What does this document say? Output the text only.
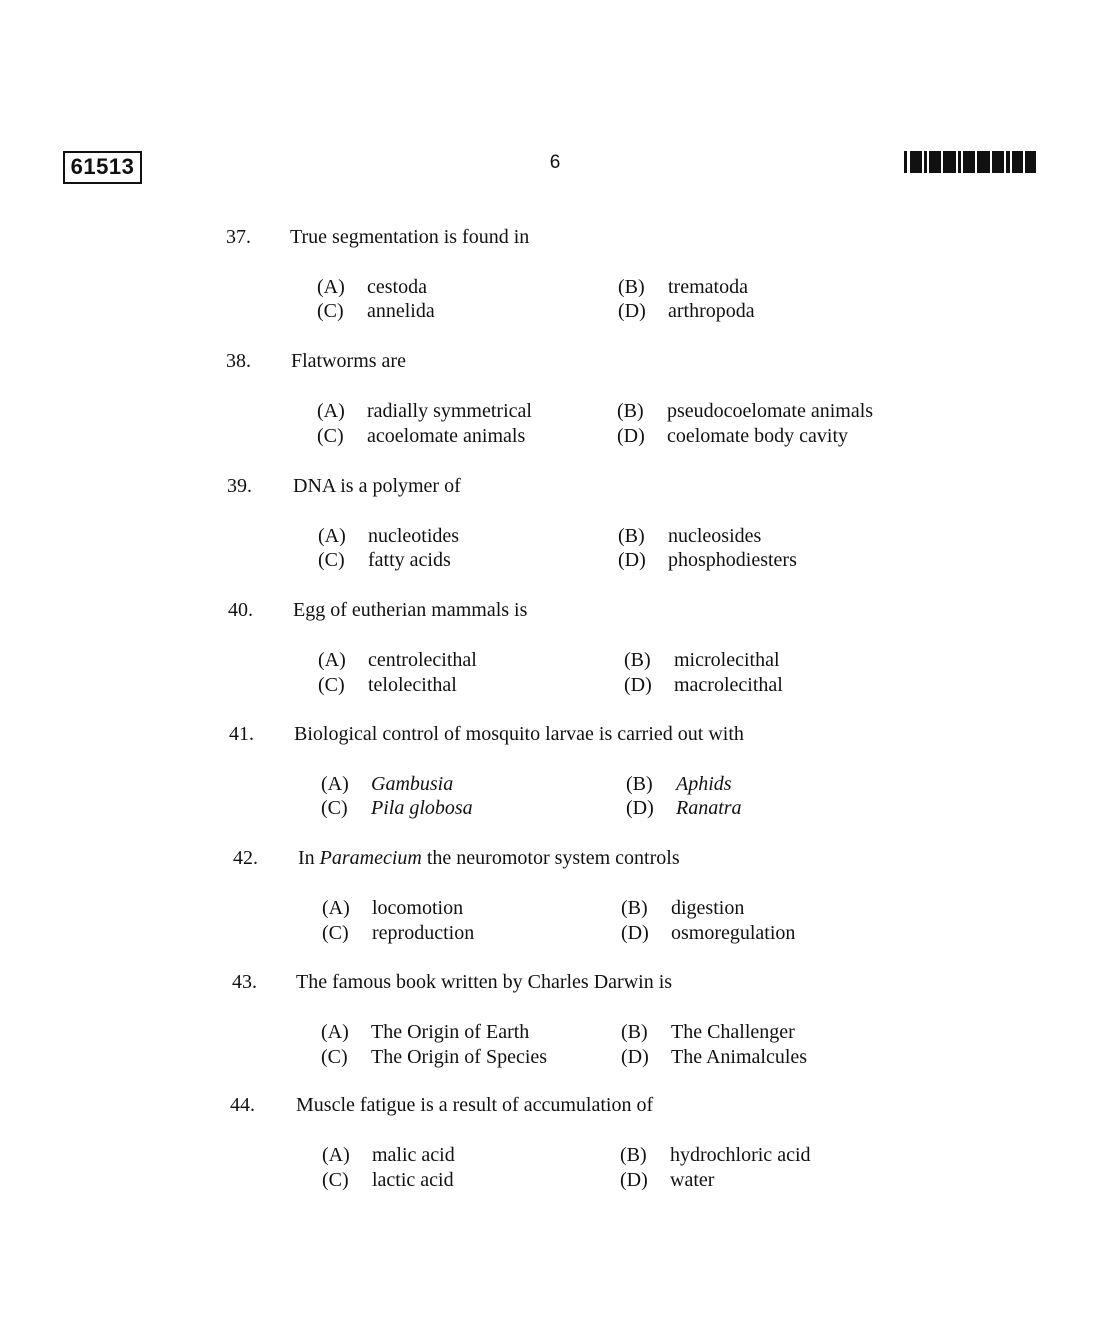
61513	6
37. True segmentation is found in
(A) cestoda	(B) trematoda
(C) annelida	(D) arthropoda
38. Flatworms are
(A) radially symmetrical	(B) pseudocoelomate animals
(C) acoelomate animals	(D) coelomate body cavity
39. DNA is a polymer of
(A) nucleotides	(B) nucleosides
(C) fatty acids	(D) phosphodiesters
40. Egg of eutherian mammals is
(A) centrolecithal	(B) microlecithal
(C) telolecithal	(D) macrolecithal
41. Biological control of mosquito larvae is carried out with
(A) Gambusia	(B) Aphids
(C) Pila globosa	(D) Ranatra
42. In Paramecium the neuromotor system controls
(A) locomotion	(B) digestion
(C) reproduction	(D) osmoregulation
43. The famous book written by Charles Darwin is
(A) The Origin of Earth	(B) The Challenger
(C) The Origin of Species	(D) The Animalcules
44. Muscle fatigue is a result of accumulation of
(A) malic acid	(B) hydrochloric acid
(C) lactic acid	(D) water
